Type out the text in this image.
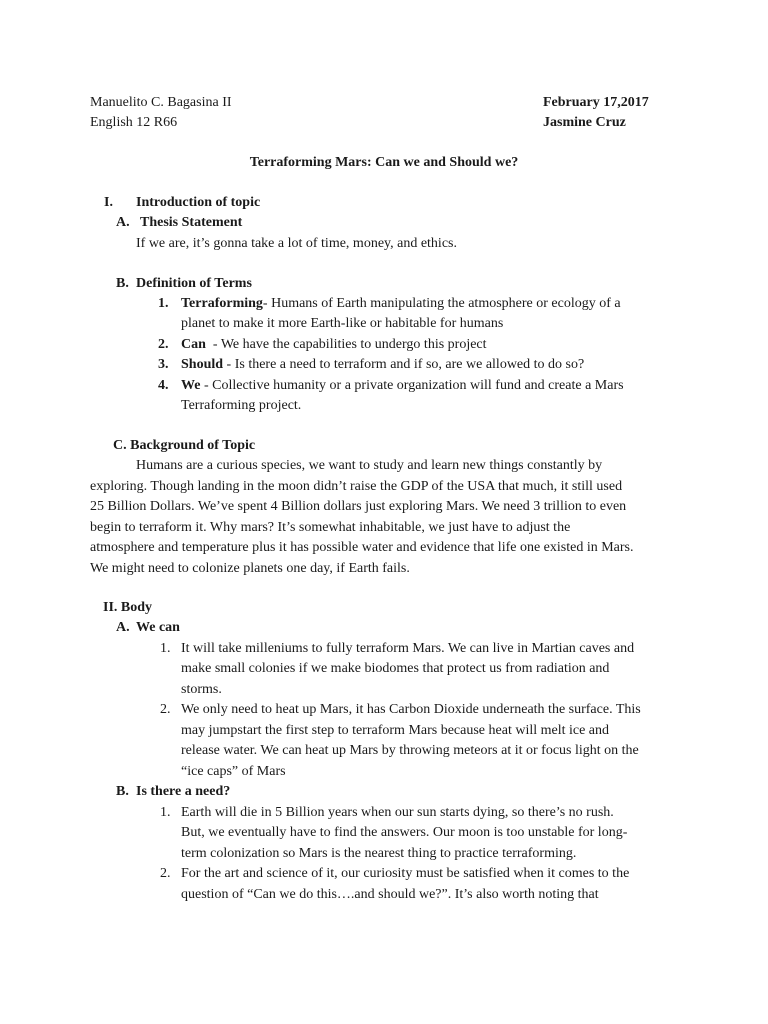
Manuelito C. Bagasina II	February 17,2017
English 12 R66	Jasmine Cruz
Terraforming Mars: Can we and Should we?
I. Introduction of topic
A. Thesis Statement
If we are, it’s gonna take a lot of time, money, and ethics.
B. Definition of Terms
1. Terraforming- Humans of Earth manipulating the atmosphere or ecology of a
planet to make it more Earth-like or habitable for humans
2. Can  - We have the capabilities to undergo this project
3. Should - Is there a need to terraform and if so, are we allowed to do so?
4. We - Collective humanity or a private organization will fund and create a Mars
Terraforming project.
C. Background of Topic
Humans are a curious species, we want to study and learn new things constantly by
exploring. Though landing in the moon didn’t raise the GDP of the USA that much, it still used
25 Billion Dollars. We’ve spent 4 Billion dollars just exploring Mars. We need 3 trillion to even
begin to terraform it. Why mars? It’s somewhat inhabitable, we just have to adjust the
atmosphere and temperature plus it has possible water and evidence that life one existed in Mars.
We might need to colonize planets one day, if Earth fails.
II. Body
A. We can
1. It will take milleniums to fully terraform Mars. We can live in Martian caves and
make small colonies if we make biodomes that protect us from radiation and
storms.
2. We only need to heat up Mars, it has Carbon Dioxide underneath the surface. This
may jumpstart the first step to terraform Mars because heat will melt ice and
release water. We can heat up Mars by throwing meteors at it or focus light on the
“ice caps” of Mars
B. Is there a need?
1. Earth will die in 5 Billion years when our sun starts dying, so there’s no rush.
But, we eventually have to find the answers. Our moon is too unstable for long-
term colonization so Mars is the nearest thing to practice terraforming.
2. For the art and science of it, our curiosity must be satisfied when it comes to the
question of “Can we do this….and should we?”. It’s also worth noting that
